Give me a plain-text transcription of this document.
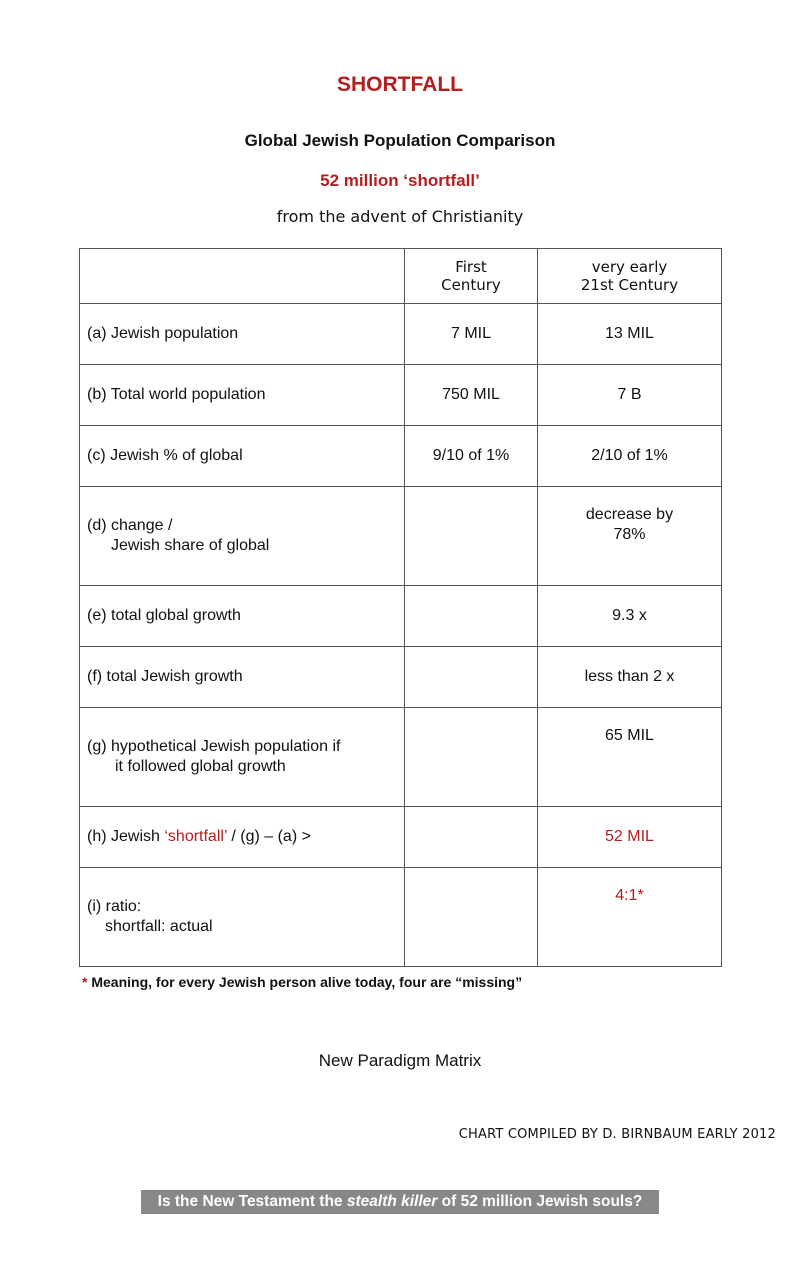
SHORTFALL
Global Jewish Population Comparison
52 million ‘shortfall’
from the advent of Christianity
	First
Century	very early
21st Century
(a) Jewish population	7 MIL	13 MIL
(b) Total world population	750 MIL	7 B
(c) Jewish % of global	9/10 of 1%	2/10 of 1%
(d) change /
Jewish share of global		decrease by
78%
(e) total global growth		9.3 x
(f) total Jewish growth		less than 2 x
(g) hypothetical Jewish population if
it followed global growth		65 MIL
(h) Jewish ‘shortfall’ / (g) – (a) >		52 MIL
(i) ratio:
shortfall: actual		4:1*
* Meaning, for every Jewish person alive today, four are “missing”
New Paradigm Matrix
CHART COMPILED BY D. BIRNBAUM EARLY 2012
Is the New Testament the stealth killer of 52 million Jewish souls?
